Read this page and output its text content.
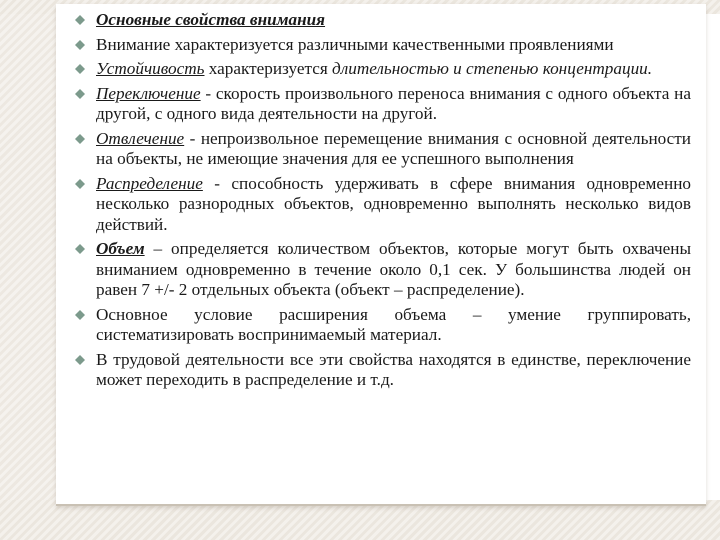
Основные свойства внимания
Внимание характеризуется различными качественными проявлениями
Устойчивость характеризуется длительностью и степенью концентрации.
Переключение - скорость произвольного переноса внимания с одного объекта на другой, с одного вида деятельности на другой.
Отвлечение - непроизвольное перемещение внимания с основной деятельности на объекты, не имеющие значения для ее успешного выполнения
Распределение - способность удерживать в сфере внимания одновременно несколько разнородных объектов, одновременно выполнять несколько видов действий.
Объем – определяется количеством объектов, которые могут быть охвачены вниманием одновременно в течение около 0,1 сек. У большинства людей он равен 7 +/- 2 отдельных объекта (объект – распределение).
Основное условие расширения объема – умение группировать, систематизировать воспринимаемый материал.
В трудовой деятельности все эти свойства находятся в единстве, переключение может переходить в распределение и т.д.
